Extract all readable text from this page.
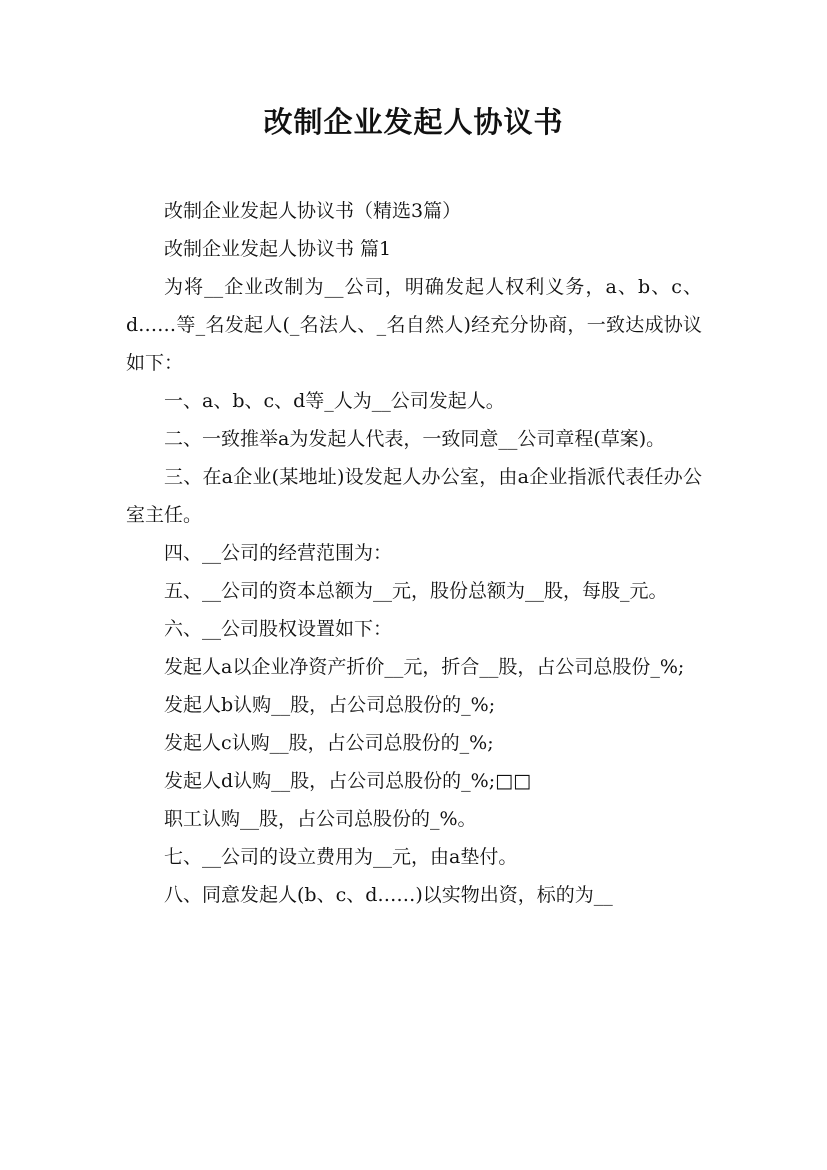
改制企业发起人协议书

改制企业发起人协议书（精选3篇）

改制企业发起人协议书 篇1

为将__企业改制为__公司，明确发起人权利义务，a、b、c、d……等_名发起人(_名法人、_名自然人)经充分协商，一致达成协议如下：

一、a、b、c、d等_人为__公司发起人。

二、一致推举a为发起人代表，一致同意__公司章程(草案)。

三、在a企业(某地址)设发起人办公室，由a企业指派代表任办公室主任。

四、__公司的经营范围为：

五、__公司的资本总额为__元，股份总额为__股，每股_元。

六、__公司股权设置如下：

发起人a以企业净资产折价__元，折合__股，占公司总股份_%;

发起人b认购__股，占公司总股份的_%;

发起人c认购__股，占公司总股份的_%;

发起人d认购__股，占公司总股份的_%;□□

职工认购__股，占公司总股份的_%。

七、__公司的设立费用为__元，由a垫付。

八、同意发起人(b、c、d……)以实物出资，标的为__
